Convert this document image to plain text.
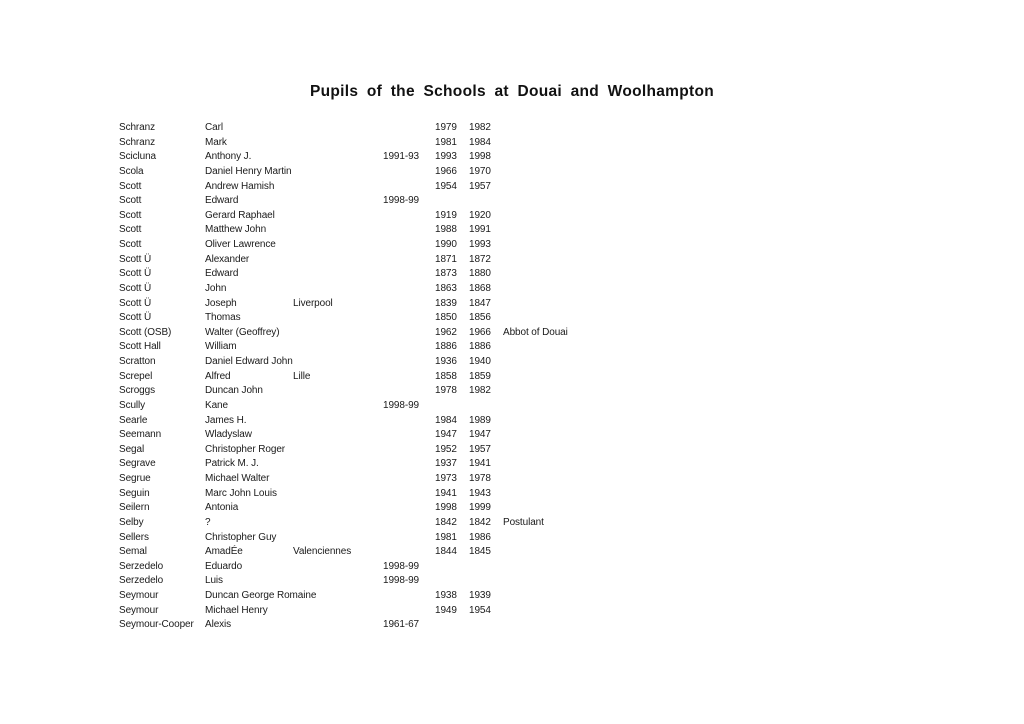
Pupils of the Schools at Douai and Woolhampton
Schranz	Carl	1979	1982
Schranz	Mark	1981	1984
Scicluna	Anthony J.	1991-93	1993	1998
Scola	Daniel Henry Martin	1966	1970
Scott	Andrew Hamish	1954	1957
Scott	Edward	1998-99
Scott	Gerard Raphael	1919	1920
Scott	Matthew John	1988	1991
Scott	Oliver Lawrence	1990	1993
Scott Ü	Alexander	1871	1872
Scott Ü	Edward	1873	1880
Scott Ü	John	1863	1868
Scott Ü	Joseph	Liverpool	1839	1847
Scott Ü	Thomas	1850	1856
Scott (OSB)	Walter (Geoffrey)	1962	1966	Abbot of Douai
Scott Hall	William	1886	1886
Scratton	Daniel Edward John	1936	1940
Screpel	Alfred	Lille	1858	1859
Scroggs	Duncan John	1978	1982
Scully	Kane	1998-99
Searle	James H.	1984	1989
Seemann	Wladyslaw	1947	1947
Segal	Christopher Roger	1952	1957
Segrave	Patrick M. J.	1937	1941
Segrue	Michael Walter	1973	1978
Seguin	Marc John Louis	1941	1943
Seilern	Antonia	1998	1999
Selby	?	1842	1842	Postulant
Sellers	Christopher Guy	1981	1986
Semal	AmadÉe	Valenciennes	1844	1845
Serzedelo	Eduardo	1998-99
Serzedelo	Luis	1998-99
Seymour	Duncan George Romaine	1938	1939
Seymour	Michael Henry	1949	1954
Seymour-Cooper	Alexis	1961-67
